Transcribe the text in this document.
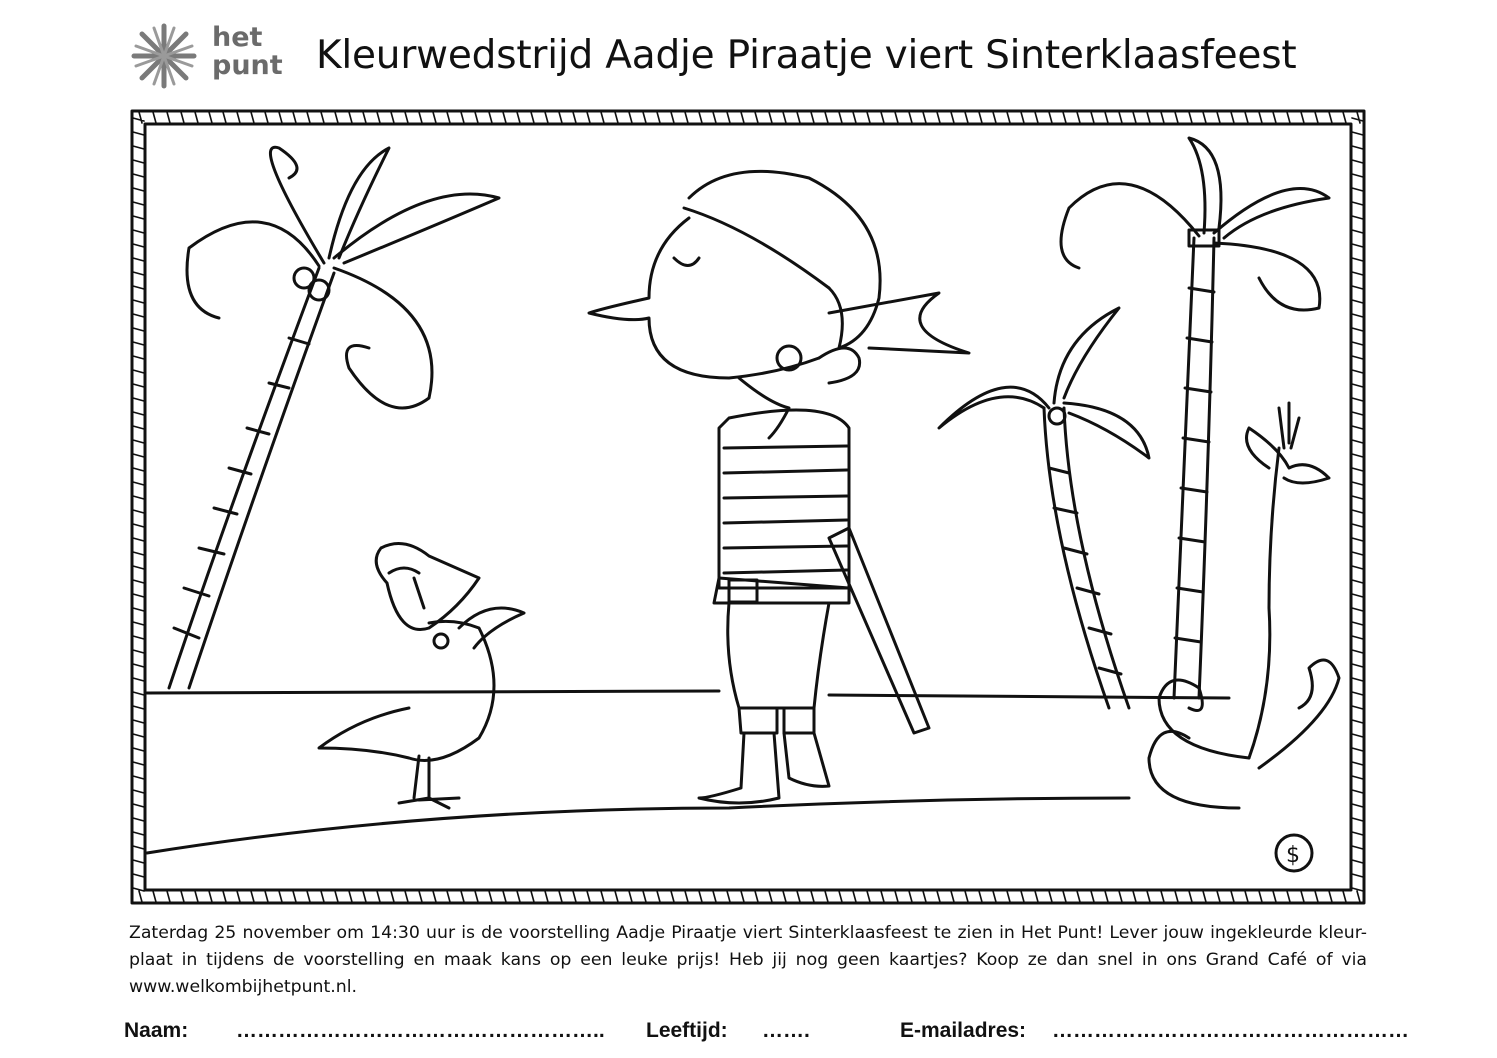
het
punt Kleurwedstrijd Aadje Piraatje viert Sinterklaasfeest
$
Zaterdag 25 november om 14:30 uur is de voorstelling Aadje Piraatje viert Sinterklaasfeest te zien in Het Punt! Lever jouw ingekleurde kleur-plaat in tijdens de voorstelling en maak kans op een leuke prijs! Heb jij nog geen kaartjes? Koop ze dan snel in ons Grand Café of via www.welkombijhetpunt.nl.
Naam: …………………………………………….. Leeftijd: …….	E-mailadres: ……………………………………………
